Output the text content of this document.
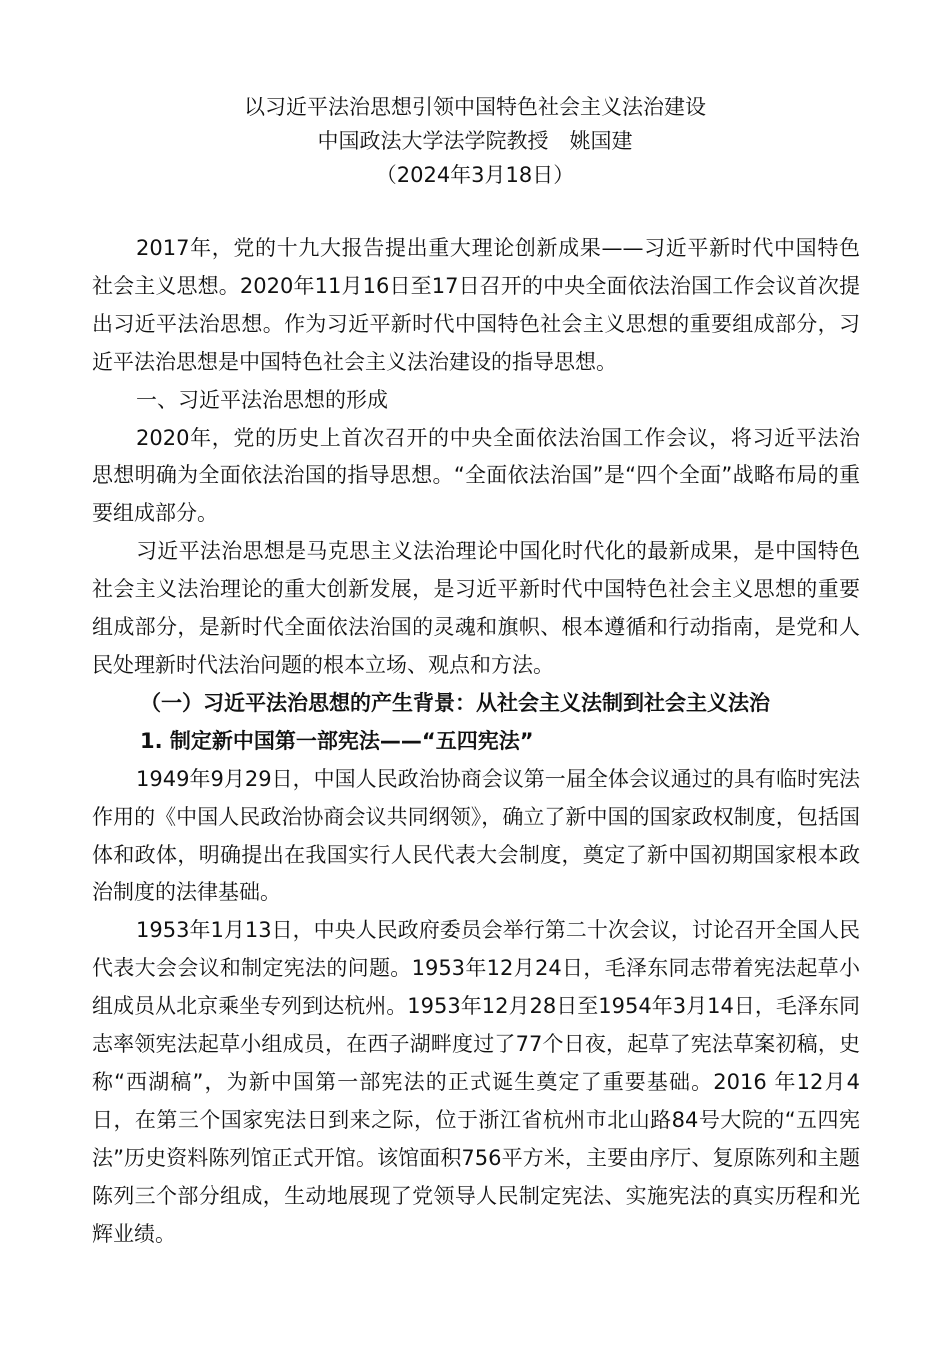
以习近平法治思想引领中国特色社会主义法治建设
中国政法大学法学院教授　姚国建
（2024年3月18日）

2017年，党的十九大报告提出重大理论创新成果——习近平新时代中国特色社会主义思想。2020年11月16日至17日召开的中央全面依法治国工作会议首次提出习近平法治思想。作为习近平新时代中国特色社会主义思想的重要组成部分，习近平法治思想是中国特色社会主义法治建设的指导思想。

一、习近平法治思想的形成

2020年，党的历史上首次召开的中央全面依法治国工作会议，将习近平法治思想明确为全面依法治国的指导思想。“全面依法治国”是“四个全面”战略布局的重要组成部分。

习近平法治思想是马克思主义法治理论中国化时代化的最新成果，是中国特色社会主义法治理论的重大创新发展，是习近平新时代中国特色社会主义思想的重要组成部分，是新时代全面依法治国的灵魂和旗帜、根本遵循和行动指南，是党和人民处理新时代法治问题的根本立场、观点和方法。

（一）习近平法治思想的产生背景：从社会主义法制到社会主义法治

1. 制定新中国第一部宪法——“五四宪法”

1949年9月29日，中国人民政治协商会议第一届全体会议通过的具有临时宪法作用的《中国人民政治协商会议共同纲领》，确立了新中国的国家政权制度，包括国体和政体，明确提出在我国实行人民代表大会制度，奠定了新中国初期国家根本政治制度的法律基础。

1953年1月13日，中央人民政府委员会举行第二十次会议，讨论召开全国人民代表大会会议和制定宪法的问题。1953年12月24日，毛泽东同志带着宪法起草小组成员从北京乘坐专列到达杭州。1953年12月28日至1954年3月14日，毛泽东同志率领宪法起草小组成员，在西子湖畔度过了77个日夜，起草了宪法草案初稿，史称“西湖稿”，为新中国第一部宪法的正式诞生奠定了重要基础。2016 年12月4日，在第三个国家宪法日到来之际，位于浙江省杭州市北山路84号大院的“五四宪法”历史资料陈列馆正式开馆。该馆面积756平方米，主要由序厅、复原陈列和主题陈列三个部分组成，生动地展现了党领导人民制定宪法、实施宪法的真实历程和光辉业绩。
